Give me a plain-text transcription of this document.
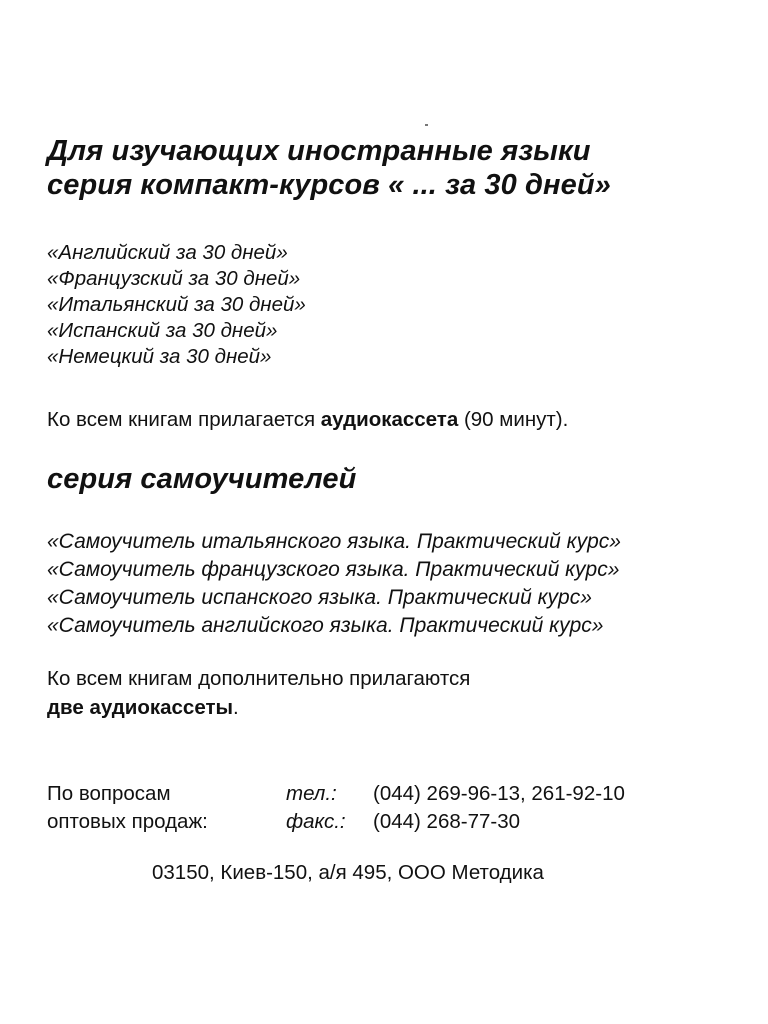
Для изучающих иностранные языки
серия компакт-курсов « ... за 30 дней»
«Английский за 30 дней»
«Французский за 30 дней»
«Итальянский за 30 дней»
«Испанский за 30 дней»
«Немецкий за 30 дней»

Ко всем книгам прилагается аудиокассета (90 минут).

серия самоучителей
«Самоучитель итальянского языка. Практический курс»
«Самоучитель французского языка. Практический курс»
«Самоучитель испанского языка. Практический курс»
«Самоучитель английского языка. Практический курс»

Ко всем книгам дополнительно прилагаются
две аудиокассеты.

По вопросам	тел.: (044) 269-96-13, 261-92-10
оптовых продаж:	факс.: (044) 268-77-30

03150, Киев-150, а/я 495, ООО Методика
